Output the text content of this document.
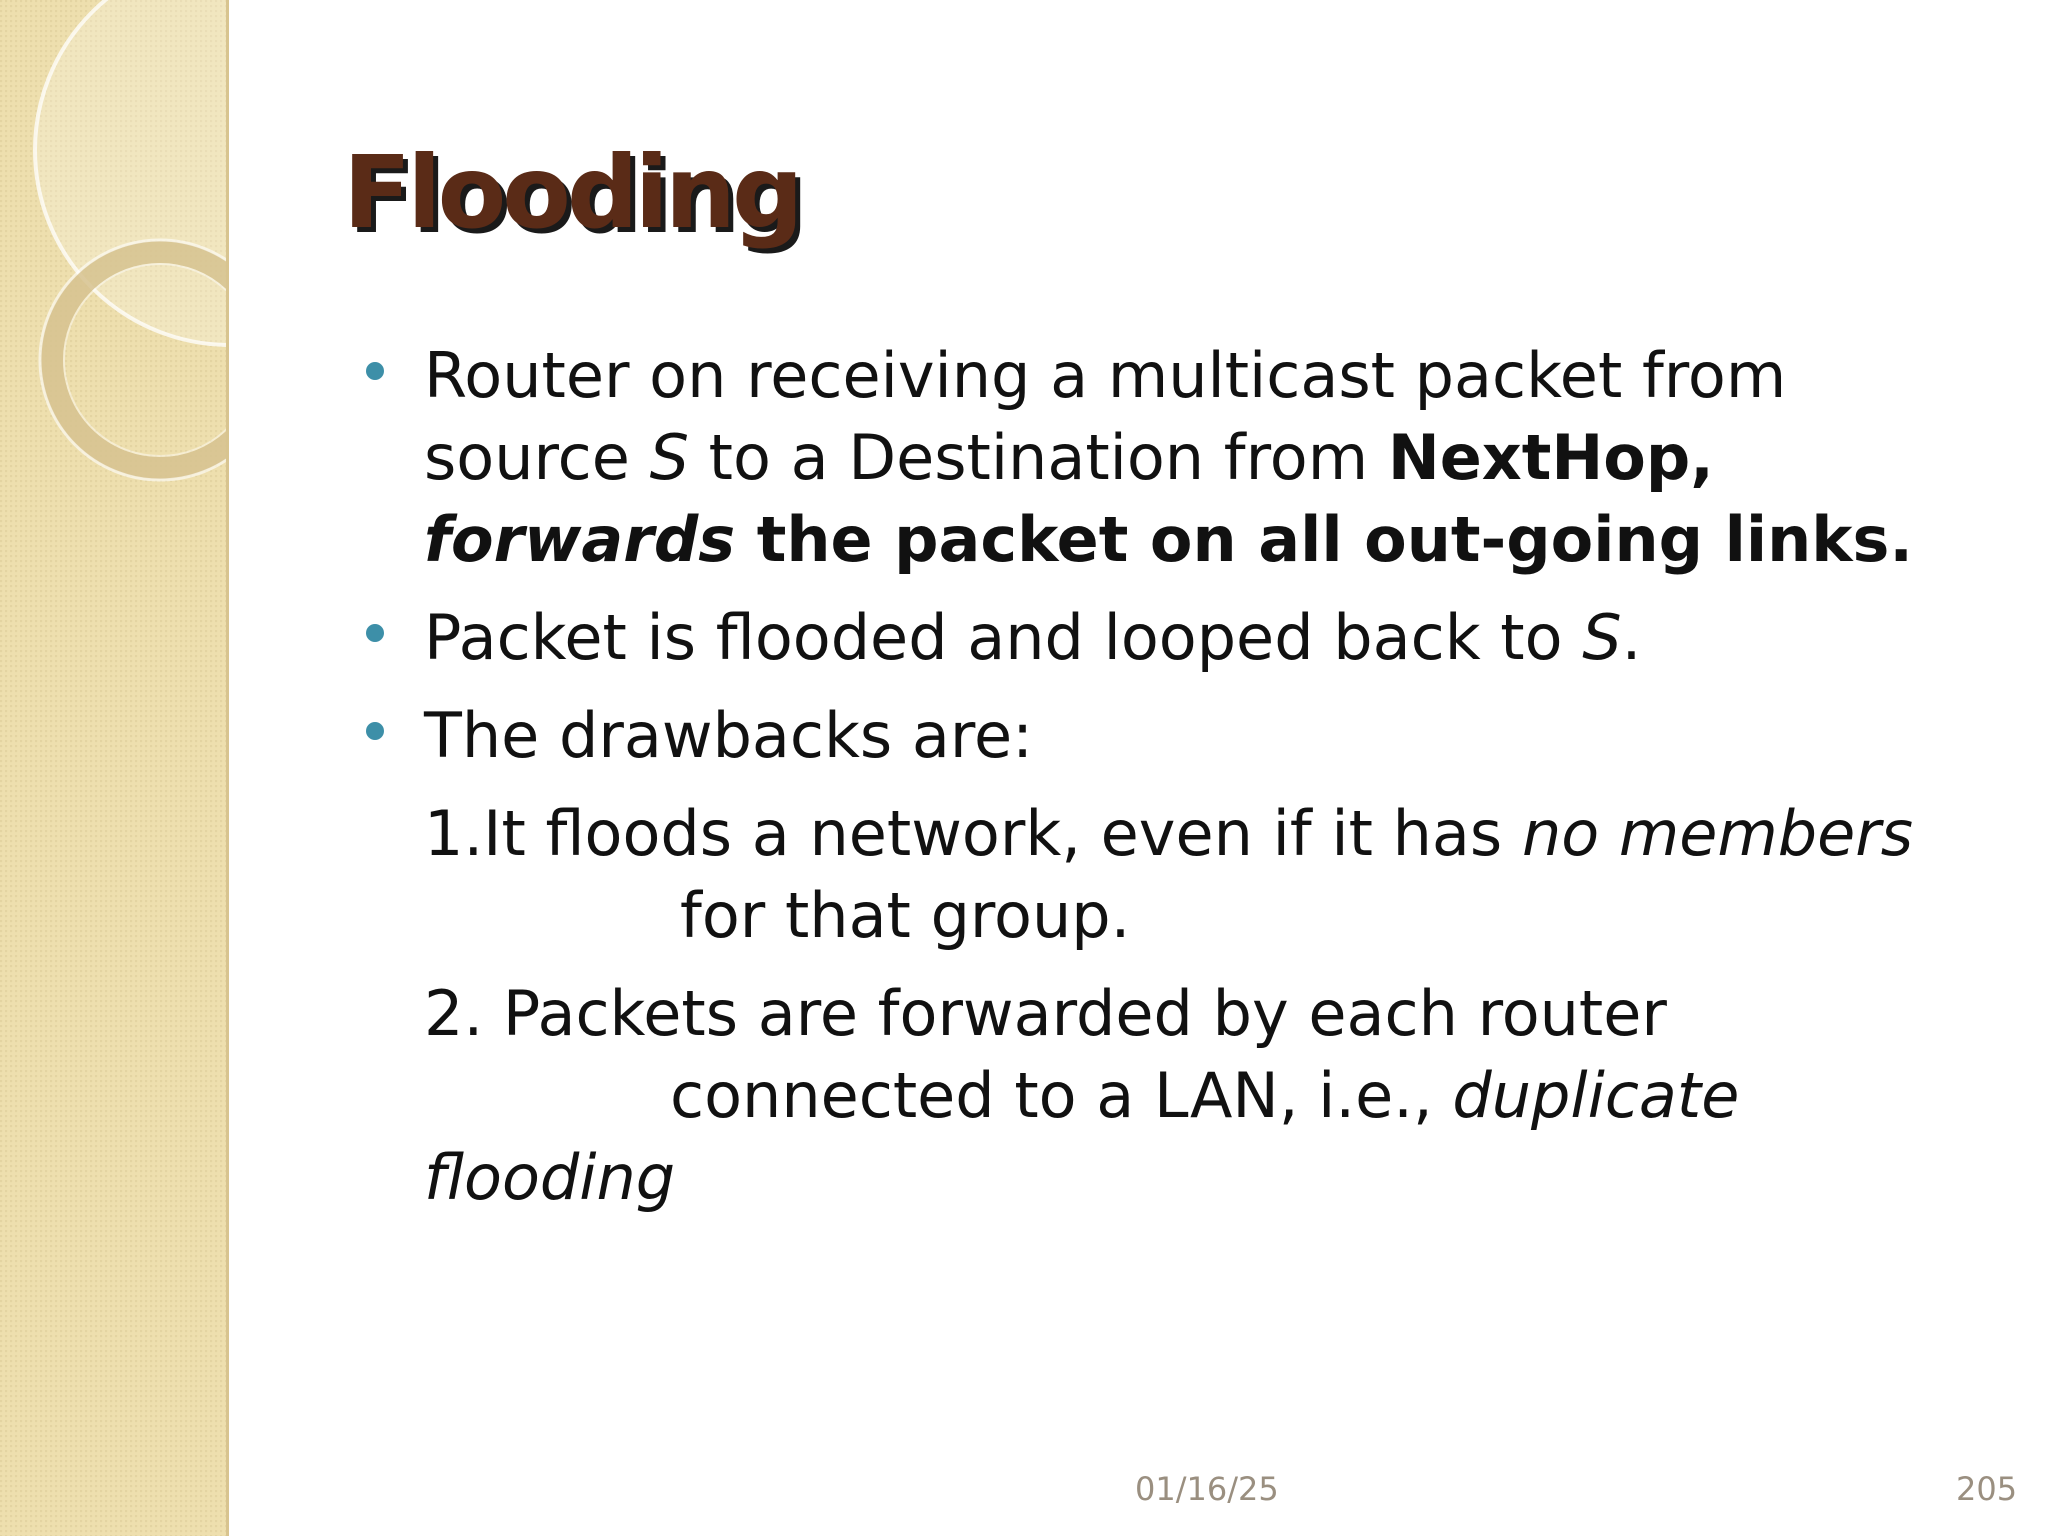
Flooding
Router on receiving a multicast packet from
source S to a Destination from NextHop,
forwards the packet on all out-going links.
Packet is flooded and looped back to S.
The drawbacks are:
1.It floods a network, even if it has no members
for that group.
2. Packets are forwarded by each router
connected to a LAN, i.e., duplicate
flooding
01/16/25	205
